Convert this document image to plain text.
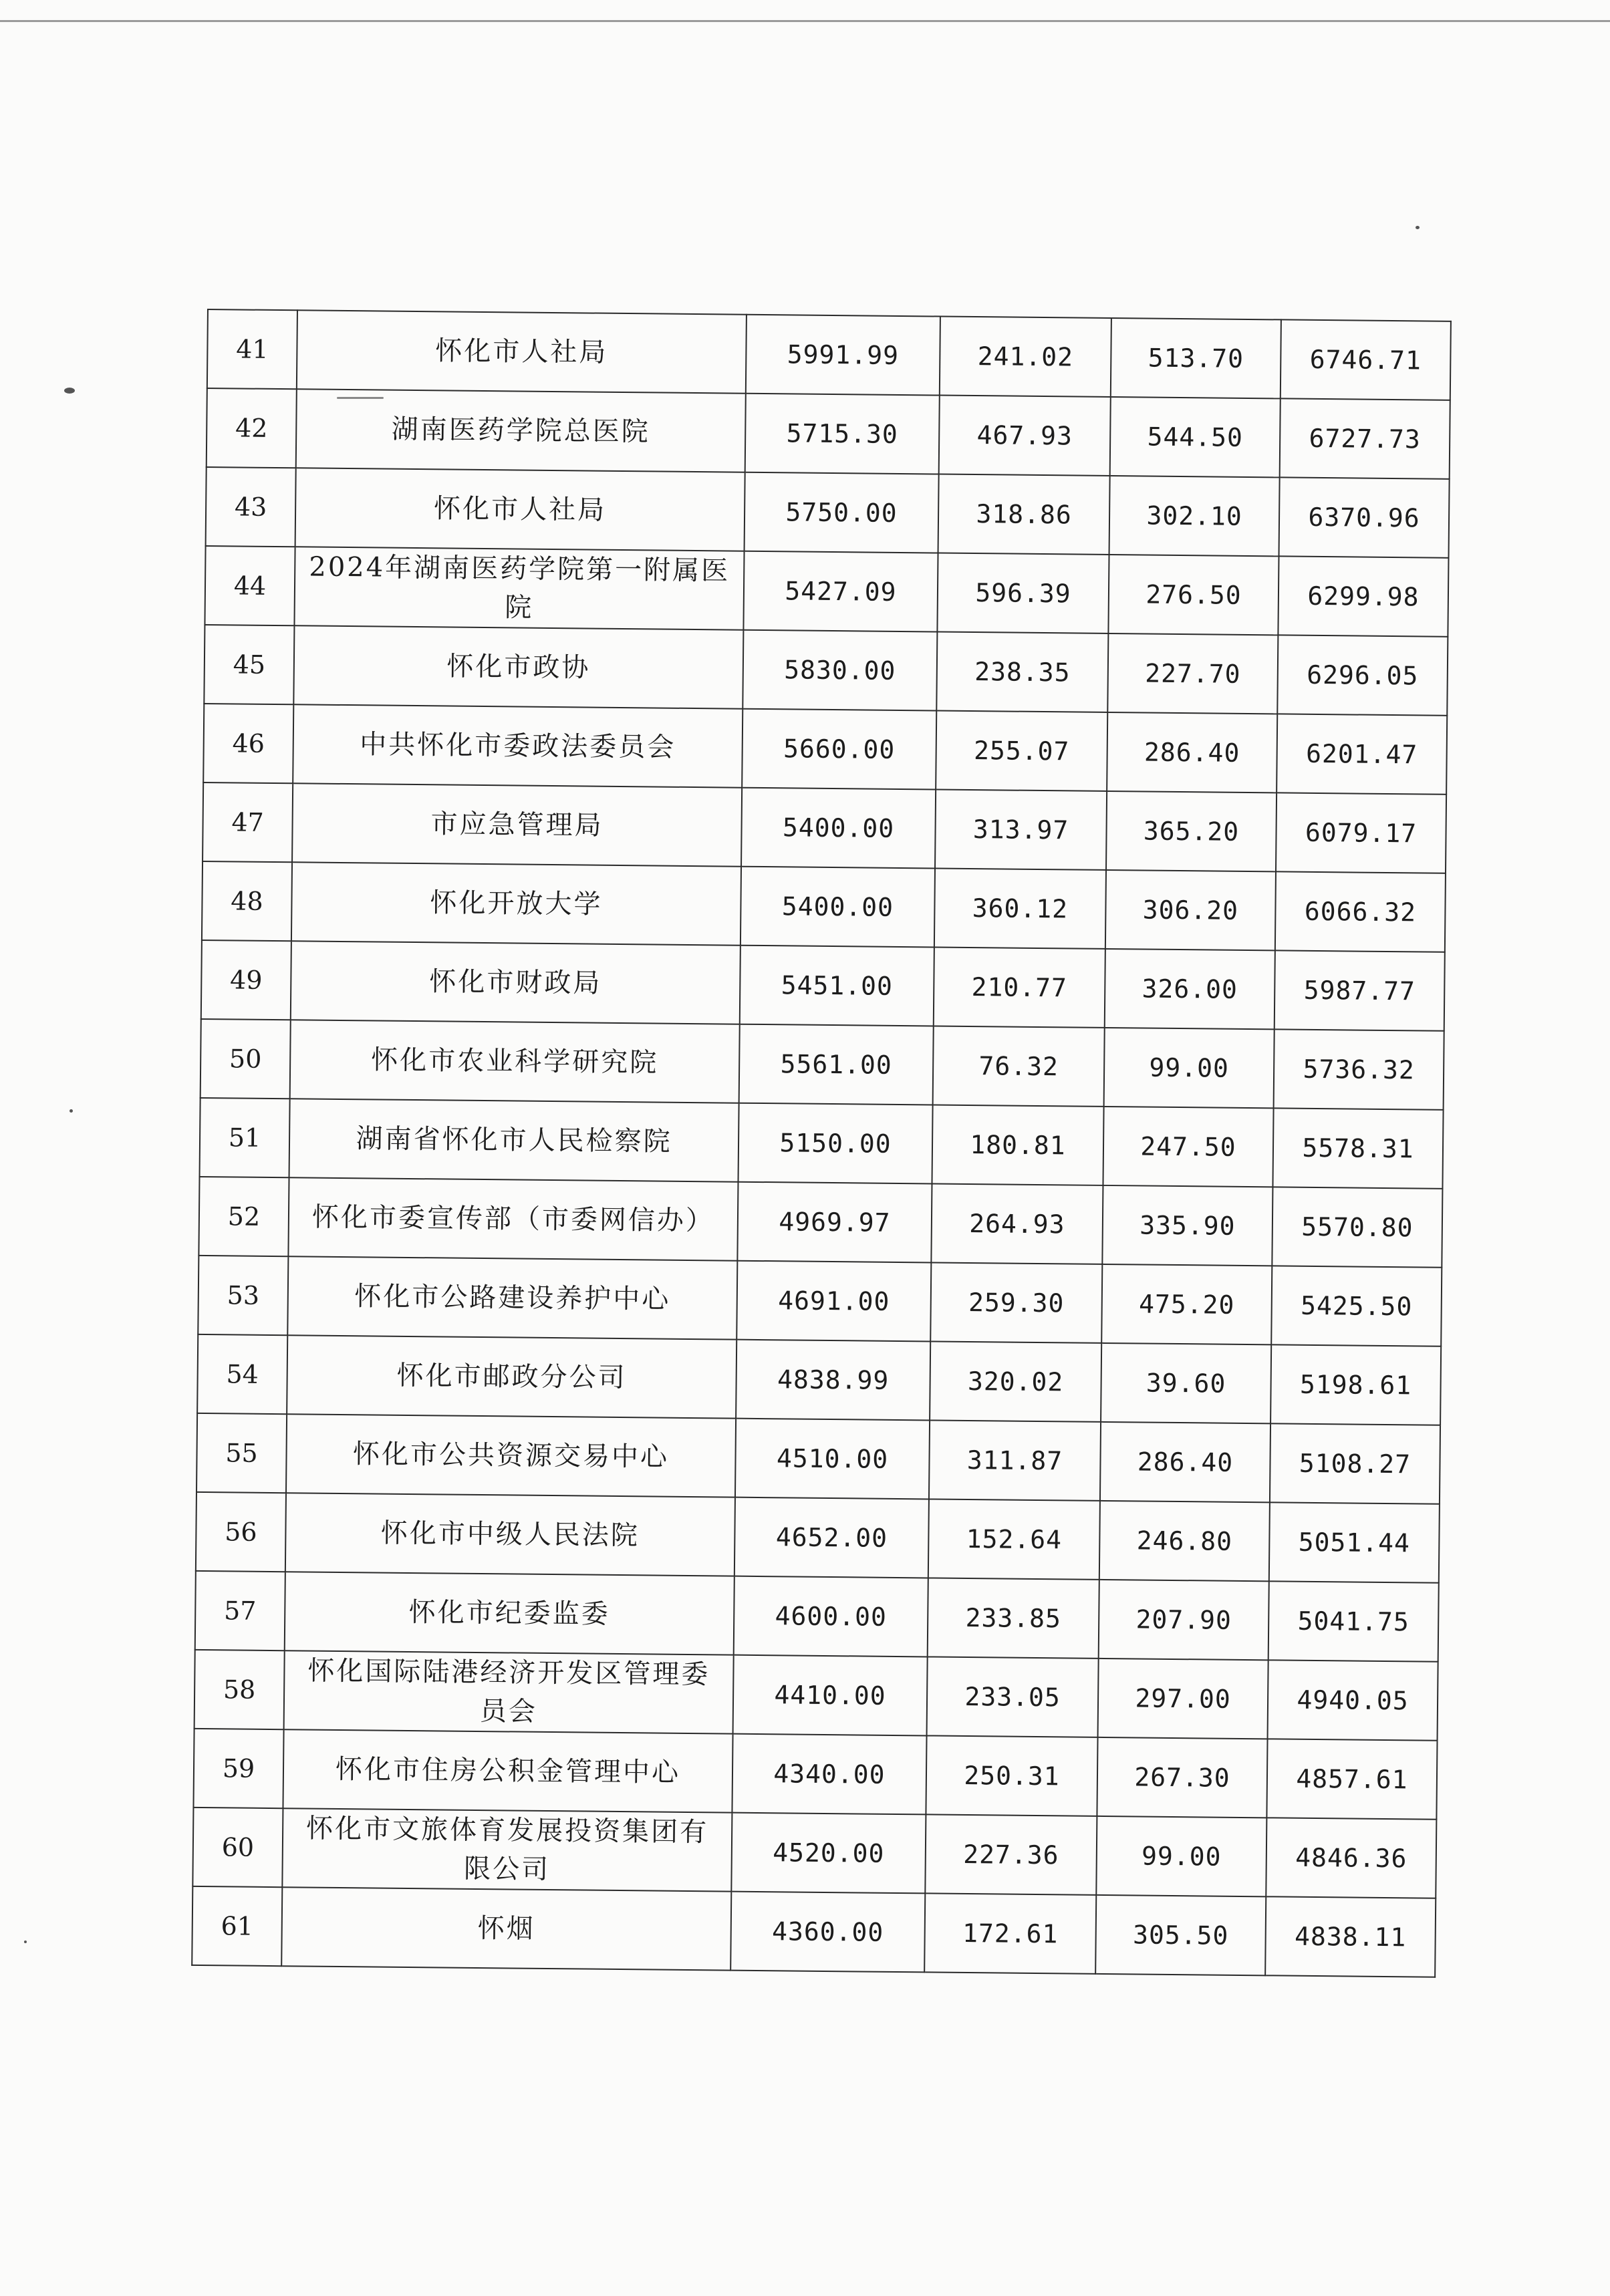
41	怀化市人社局	5991.99	241.02	513.70	6746.71
42	湖南医药学院总医院	5715.30	467.93	544.50	6727.73
43	怀化市人社局	5750.00	318.86	302.10	6370.96
44	2024年湖南医药学院第一附属医院	5427.09	596.39	276.50	6299.98
45	怀化市政协	5830.00	238.35	227.70	6296.05
46	中共怀化市委政法委员会	5660.00	255.07	286.40	6201.47
47	市应急管理局	5400.00	313.97	365.20	6079.17
48	怀化开放大学	5400.00	360.12	306.20	6066.32
49	怀化市财政局	5451.00	210.77	326.00	5987.77
50	怀化市农业科学研究院	5561.00	76.32	99.00	5736.32
51	湖南省怀化市人民检察院	5150.00	180.81	247.50	5578.31
52	怀化市委宣传部（市委网信办）	4969.97	264.93	335.90	5570.80
53	怀化市公路建设养护中心	4691.00	259.30	475.20	5425.50
54	怀化市邮政分公司	4838.99	320.02	39.60	5198.61
55	怀化市公共资源交易中心	4510.00	311.87	286.40	5108.27
56	怀化市中级人民法院	4652.00	152.64	246.80	5051.44
57	怀化市纪委监委	4600.00	233.85	207.90	5041.75
58	怀化国际陆港经济开发区管理委员会	4410.00	233.05	297.00	4940.05
59	怀化市住房公积金管理中心	4340.00	250.31	267.30	4857.61
60	怀化市文旅体育发展投资集团有限公司	4520.00	227.36	99.00	4846.36
61	怀烟	4360.00	172.61	305.50	4838.11
